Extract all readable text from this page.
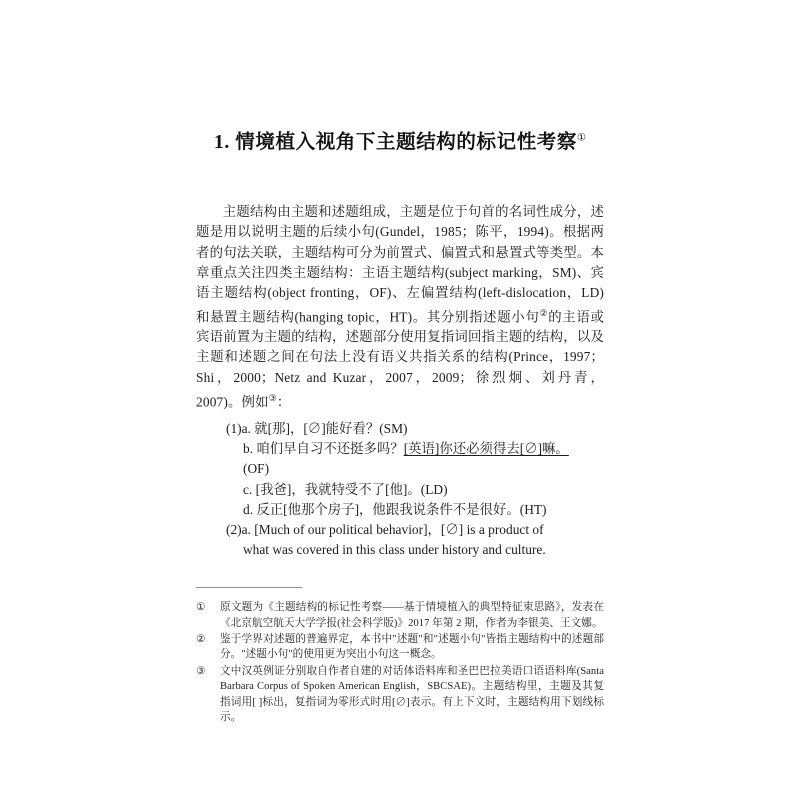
1. 情境植入视角下主题结构的标记性考察①

主题结构由主题和述题组成，主题是位于句首的名词性成分，述题是用以说明主题的后续小句(Gundel，1985；陈平，1994)。根据两者的句法关联，主题结构可分为前置式、偏置式和悬置式等类型。本章重点关注四类主题结构：主语主题结构(subject marking，SM)、宾语主题结构(object fronting，OF)、左偏置结构(left-dislocation，LD)和悬置主题结构(hanging topic，HT)。其分别指述题小句②的主语或宾语前置为主题的结构，述题部分使用复指词回指主题的结构，以及主题和述题之间在句法上没有语义共指关系的结构(Prince，1997；Shi，2000；Netz and Kuzar，2007，2009；徐烈炯、刘丹青，2007)。例如③：

(1)a. 就[那]，[∅]能好看？(SM)
b. 咱们早自习不还挺多吗？[英语]你还必须得去[∅]嘛。
(OF)
c. [我爸]，我就特受不了[他]。(LD)
d. 反正[他那个房子]，他跟我说条件不是很好。(HT)
(2)a. [Much of our political behavior]，[∅] is a product of
what was covered in this class under history and culture.
①	原文题为《主题结构的标记性考察——基于情境植入的典型特征束思路》，发表在《北京航空航天大学学报(社会科学版)》2017 年第 2 期，作者为李银美、王文娜。
②	鉴于学界对述题的普遍界定，本书中"述题"和"述题小句"皆指主题结构中的述题部分。"述题小句"的使用更为突出小句这一概念。
③	文中汉英例证分别取自作者自建的对话体语料库和圣巴巴拉美语口语语料库(Santa Barbara Corpus of Spoken American English，SBCSAE)。主题结构里，主题及其复指词用[ ]标出，复指词为零形式时用[∅]表示。有上下文时，主题结构用下划线标示。
